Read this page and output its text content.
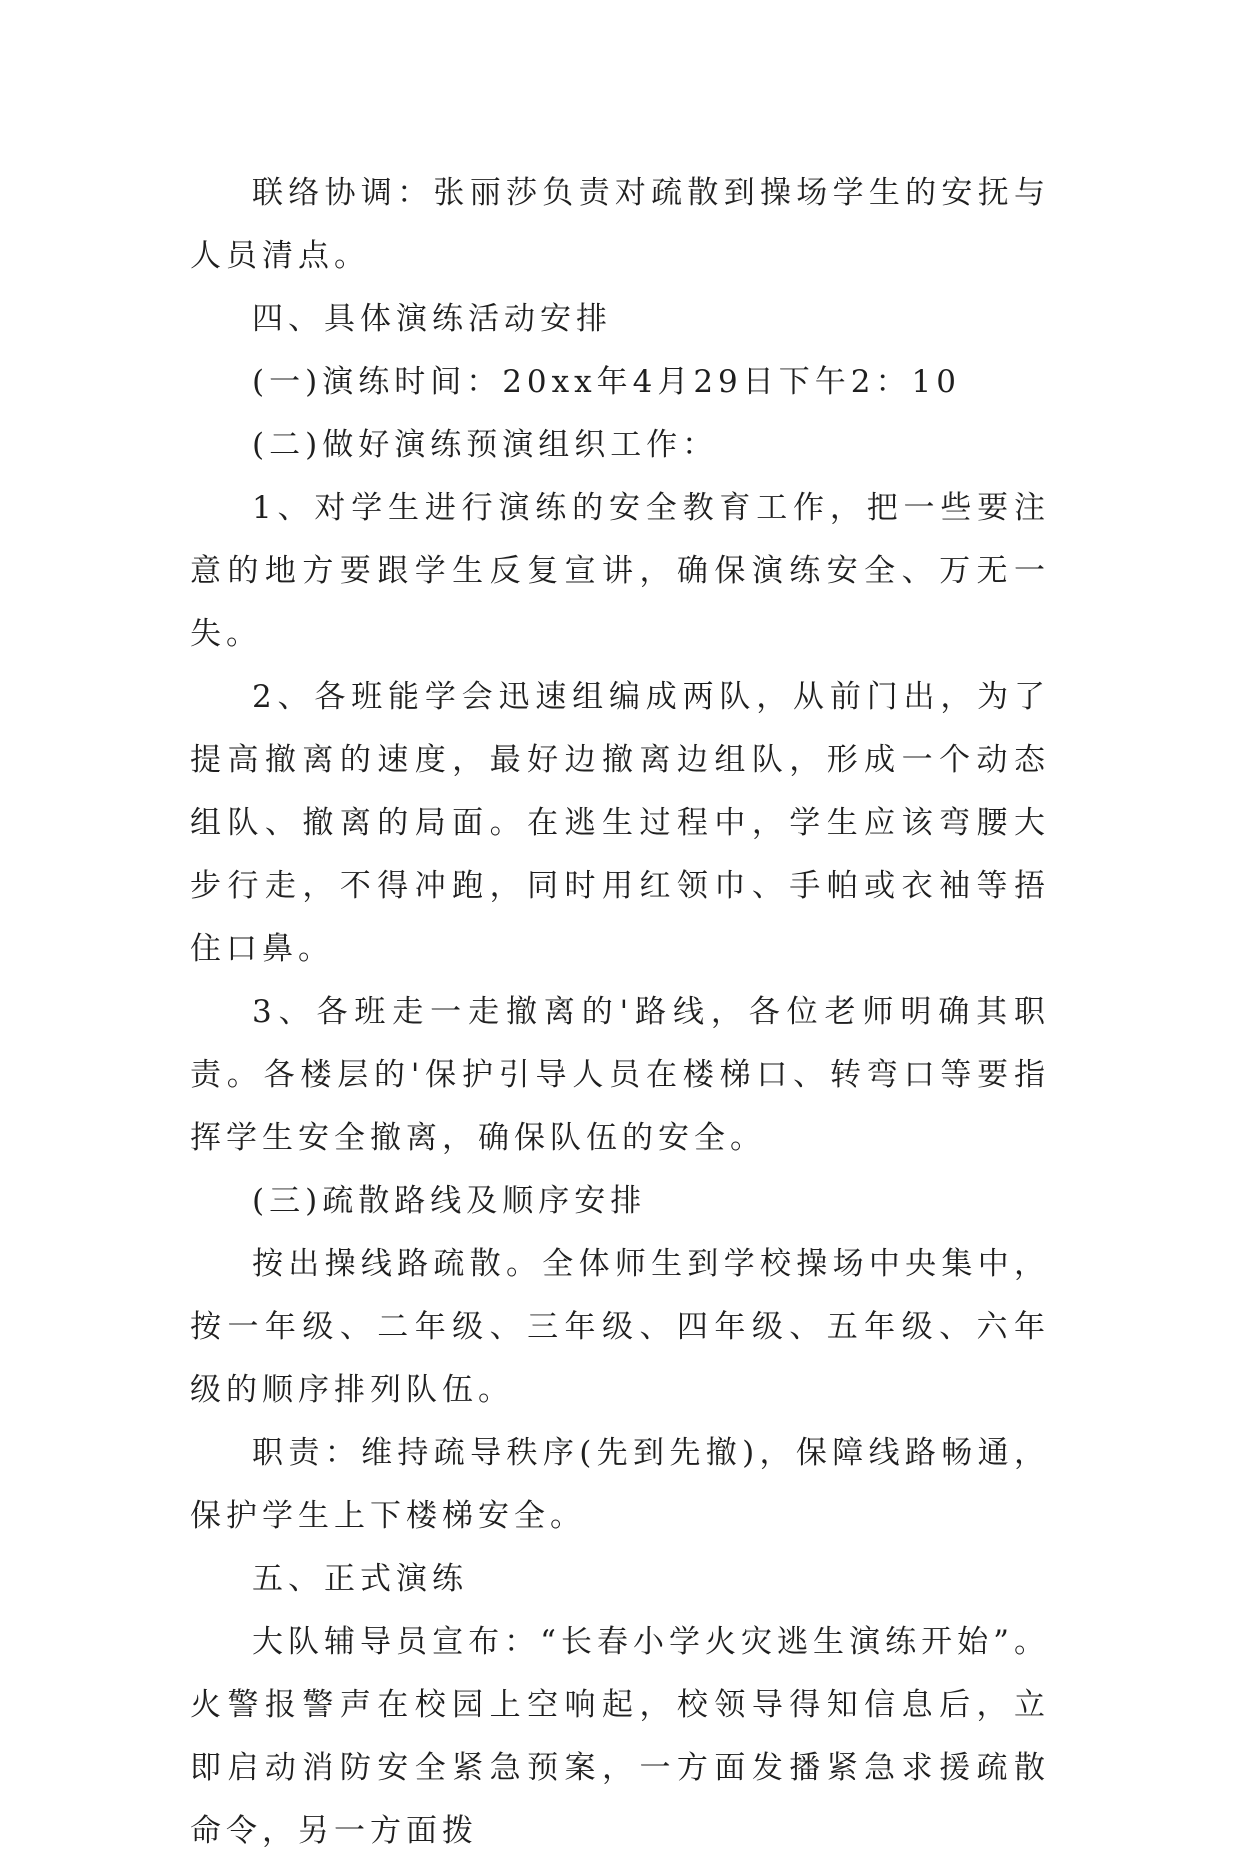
联络协调：张丽莎负责对疏散到操场学生的安抚与人员清点。

四、具体演练活动安排

(一)演练时间：20xx年4月29日下午2：10

(二)做好演练预演组织工作：

1、对学生进行演练的安全教育工作，把一些要注意的地方要跟学生反复宣讲，确保演练安全、万无一失。

2、各班能学会迅速组编成两队，从前门出，为了提高撤离的速度，最好边撤离边组队，形成一个动态组队、撤离的局面。在逃生过程中，学生应该弯腰大步行走，不得冲跑，同时用红领巾、手帕或衣袖等捂住口鼻。

3、各班走一走撤离的'路线，各位老师明确其职责。各楼层的'保护引导人员在楼梯口、转弯口等要指挥学生安全撤离，确保队伍的安全。

(三)疏散路线及顺序安排

按出操线路疏散。全体师生到学校操场中央集中，按一年级、二年级、三年级、四年级、五年级、六年级的顺序排列队伍。

职责：维持疏导秩序(先到先撤)，保障线路畅通，保护学生上下楼梯安全。

五、正式演练

大队辅导员宣布：“长春小学火灾逃生演练开始”。火警报警声在校园上空响起，校领导得知信息后，立即启动消防安全紧急预案，一方面发播紧急求援疏散命令，另一方面拨
